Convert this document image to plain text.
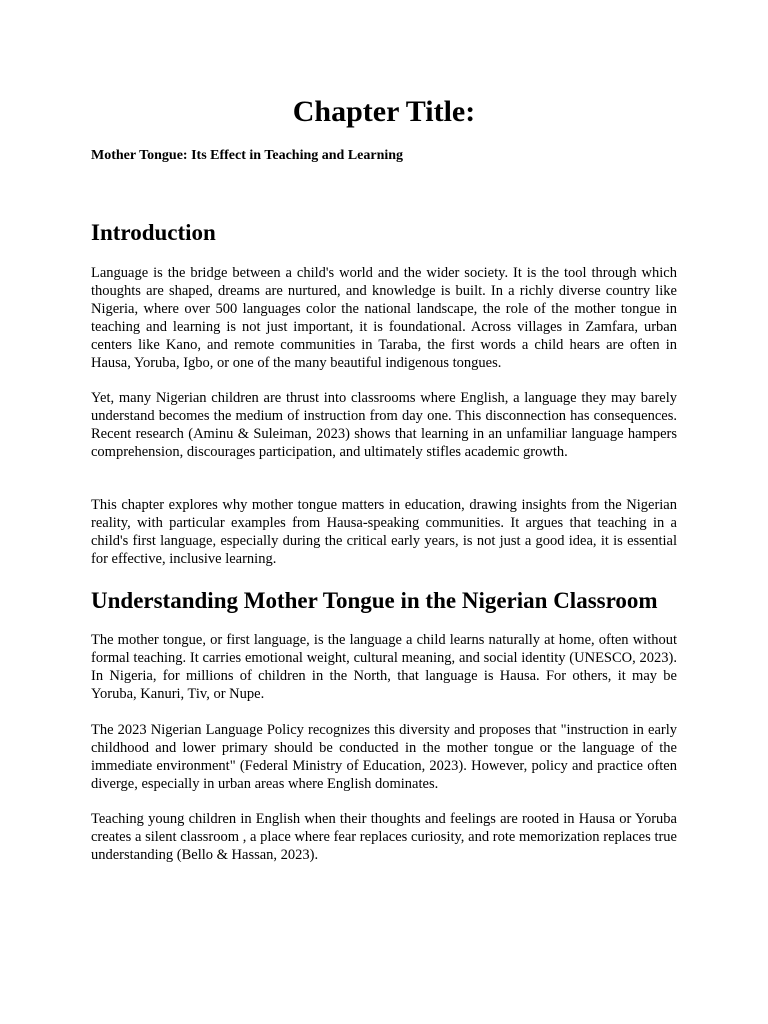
Chapter Title:

Mother Tongue: Its Effect in Teaching and Learning

Introduction

Language is the bridge between a child's world and the wider society. It is the tool through which thoughts are shaped, dreams are nurtured, and knowledge is built. In a richly diverse country like Nigeria, where over 500 languages color the national landscape, the role of the mother tongue in teaching and learning is not just important, it is foundational. Across villages in Zamfara, urban centers like Kano, and remote communities in Taraba, the first words a child hears are often in Hausa, Yoruba, Igbo, or one of the many beautiful indigenous tongues.

Yet, many Nigerian children are thrust into classrooms where English, a language they may barely understand becomes the medium of instruction from day one. This disconnection has consequences. Recent research (Aminu & Suleiman, 2023) shows that learning in an unfamiliar language hampers comprehension, discourages participation, and ultimately stifles academic growth.

This chapter explores why mother tongue matters in education, drawing insights from the Nigerian reality, with particular examples from Hausa-speaking communities. It argues that teaching in a child's first language, especially during the critical early years, is not just a good idea, it is essential for effective, inclusive learning.

Understanding Mother Tongue in the Nigerian Classroom

The mother tongue, or first language, is the language a child learns naturally at home, often without formal teaching. It carries emotional weight, cultural meaning, and social identity (UNESCO, 2023). In Nigeria, for millions of children in the North, that language is Hausa. For others, it may be Yoruba, Kanuri, Tiv, or Nupe.

The 2023 Nigerian Language Policy recognizes this diversity and proposes that "instruction in early childhood and lower primary should be conducted in the mother tongue or the language of the immediate environment" (Federal Ministry of Education, 2023). However, policy and practice often diverge, especially in urban areas where English dominates.

Teaching young children in English when their thoughts and feelings are rooted in Hausa or Yoruba creates a silent classroom , a place where fear replaces curiosity, and rote memorization replaces true understanding (Bello & Hassan, 2023).
